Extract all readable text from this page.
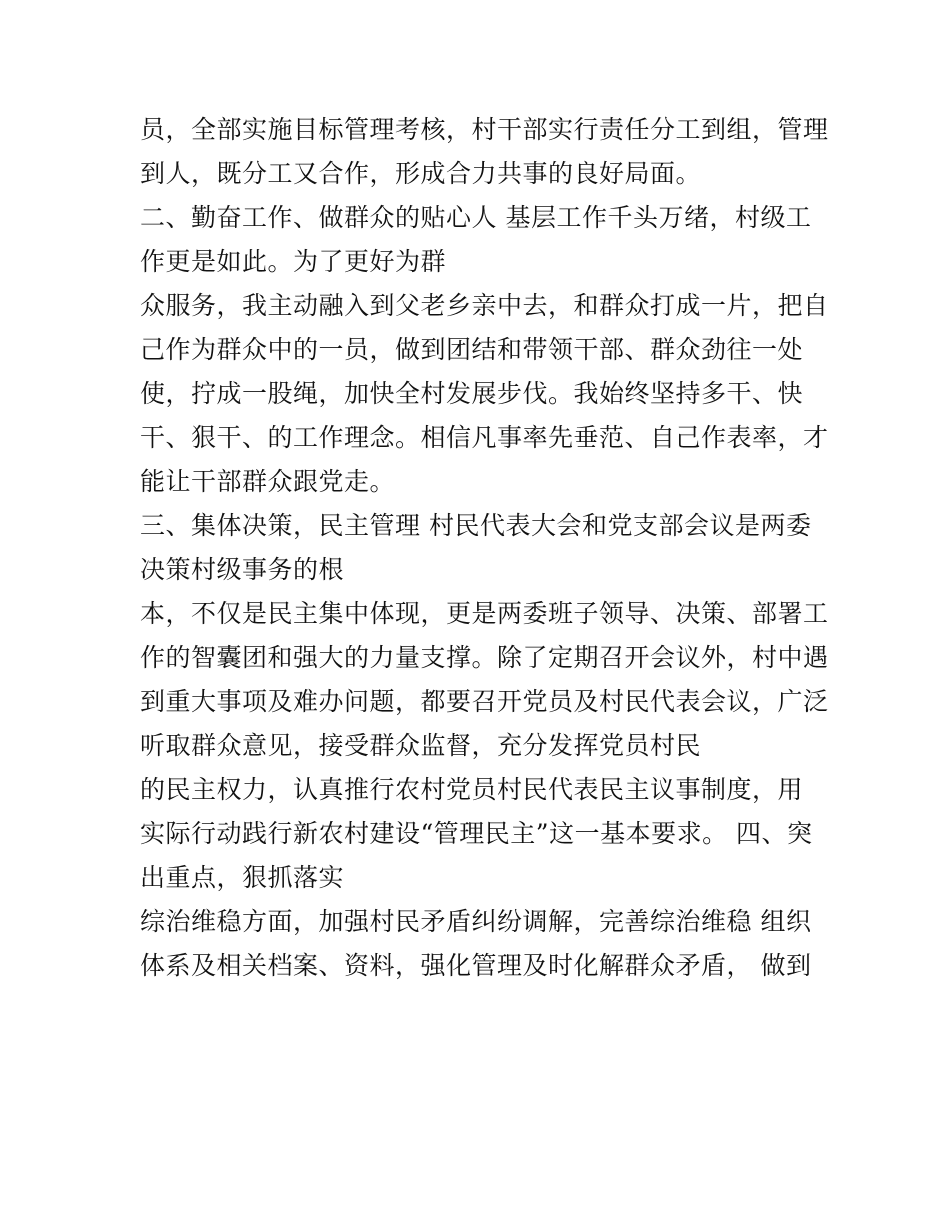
员，全部实施目标管理考核，村干部实行责任分工到组，管理

到人，既分工又合作，形成合力共事的良好局面。

二、勤奋工作、做群众的贴心人 基层工作千头万绪，村级工

作更是如此。为了更好为群

众服务，我主动融入到父老乡亲中去，和群众打成一片，把自

己作为群众中的一员，做到团结和带领干部、群众劲往一处

使，拧成一股绳，加快全村发展步伐。我始终坚持多干、快

干、狠干、的工作理念。相信凡事率先垂范、自己作表率，才

能让干部群众跟党走。

三、集体决策，民主管理 村民代表大会和党支部会议是两委

决策村级事务的根

本，不仅是民主集中体现，更是两委班子领导、决策、部署工

作的智囊团和强大的力量支撑。除了定期召开会议外，村中遇

到重大事项及难办问题，都要召开党员及村民代表会议，广泛

听取群众意见，接受群众监督，充分发挥党员村民

的民主权力，认真推行农村党员村民代表民主议事制度，用

实际行动践行新农村建设“管理民主”这一基本要求。 四、突

出重点，狠抓落实

综治维稳方面，加强村民矛盾纠纷调解，完善综治维稳 组织

体系及相关档案、资料，强化管理及时化解群众矛盾， 做到
